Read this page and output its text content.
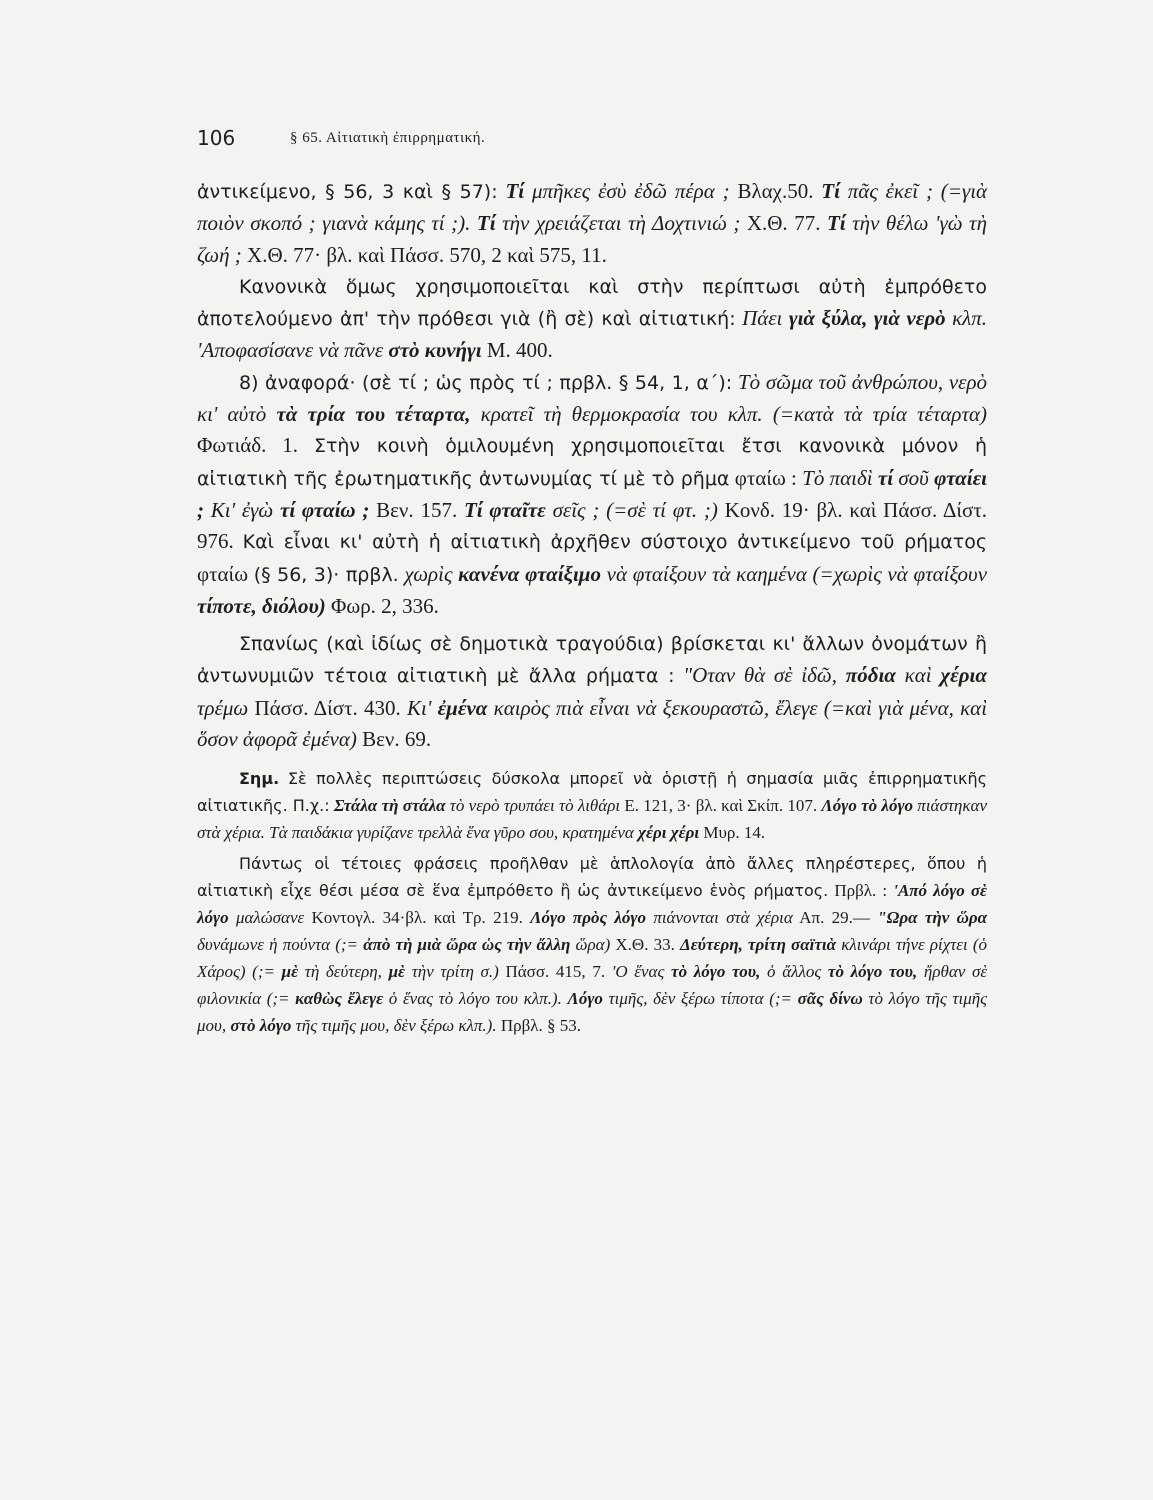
106	§ 65. Αἰτιατικὴ ἐπιρρηματική.

ἀντικείμενο, § 56, 3 καὶ § 57): Τί μπῆκες ἐσὺ ἐδῶ πέρα ; Βλαχ.50. Τί πᾶς ἐκεῖ ; (=γιὰ ποιὸν σκοπό ; γιανὰ κάμης τί ;). Τί τὴν χρειάζεται τὴ Δοχτινιώ ; Χ.Θ. 77. Τί τὴν θέλω 'γὼ τὴ ζωή ; Χ.Θ. 77· βλ. καὶ Πάσσ. 570, 2 καὶ 575, 11.

Κανονικὰ ὅμως χρησιμοποιεῖται καὶ στὴν περίπτωσι αὐτὴ ἐμπρόθετο ἀποτελούμενο ἀπ' τὴν πρόθεσι γιὰ (ἢ σὲ) καὶ αἰτιατική: Πάει γιὰ ξύλα, γιὰ νερὸ κλπ. 'Αποφασίσανε νὰ πᾶνε στὸ κυνήγι Μ. 400.

8) ἀναφορά· (σὲ τί ; ὡς πρὸς τί ; πρβλ. § 54, 1, α΄): Τὸ σῶμα τοῦ ἀνθρώπου, νερὸ κι' αὐτὸ τὰ τρία του τέταρτα, κρατεῖ τὴ θερμοκρασία του κλπ. (=κατὰ τὰ τρία τέταρτα) Φωτιάδ. 1. Στὴν κοινὴ ὁμιλουμένη χρησιμοποιεῖται ἔτσι κανονικὰ μόνον ἡ αἰτιατικὴ τῆς ἐρωτηματικῆς ἀντωνυμίας τί μὲ τὸ ρῆμα φταίω : Τὸ παιδὶ τί σοῦ φταίει ; Κι' ἐγὼ τί φταίω ; Βεν. 157. Τί φταῖτε σεῖς ; (=σὲ τί φτ. ;) Κονδ. 19· βλ. καὶ Πάσσ. Δίστ. 976. Καὶ εἶναι κι' αὐτὴ ἡ αἰτιατικὴ ἀρχῆθεν σύστοιχο ἀντικείμενο τοῦ ρήματος φταίω (§ 56, 3)· πρβλ. χωρὶς κανένα φταίξιμο νὰ φταίξουν τὰ καημένα (=χωρὶς νὰ φταίξουν τίποτε, διόλου) Φωρ. 2, 336.

Σπανίως (καὶ ἰδίως σὲ δημοτικὰ τραγούδια) βρίσκεται κι' ἄλλων ὀνομάτων ἢ ἀντωνυμιῶν τέτοια αἰτιατικὴ μὲ ἄλλα ρήματα : "Οταν θὰ σὲ ἰδῶ, πόδια καὶ χέρια τρέμω Πάσσ. Δίστ. 430. Κι' ἐμένα καιρὸς πιὰ εἶναι νὰ ξεκουραστῶ, ἔλεγε (=καὶ γιὰ μένα, καὶ ὅσον ἀφορᾶ ἐμένα) Βεν. 69.

Σημ. Σὲ πολλὲς περιπτώσεις δύσκολα μπορεῖ νὰ ὁριστῇ ἡ σημασία μιᾶς ἐπιρρηματικῆς αἰτιατικῆς. Π.χ.: Στάλα τὴ στάλα τὸ νερὸ τρυπάει τὸ λιθάρι Ε. 121, 3· βλ. καὶ Σκίπ. 107. Λόγο τὸ λόγο πιάστηκαν στὰ χέρια. Τὰ παιδάκια γυρίζανε τρελλὰ ἕνα γῦρο σου, κρατημένα χέρι χέρι Μυρ. 14.

Πάντως οἱ τέτοιες φράσεις προῆλθαν μὲ ἁπλολογία ἀπὸ ἄλλες πληρέστερες, ὅπου ἡ αἰτιατικὴ εἶχε θέσι μέσα σὲ ἕνα ἐμπρόθετο ἢ ὡς ἀντικείμενο ἑνὸς ρήματος. Πρβλ. : 'Από λόγο σὲ λόγο μαλώσανε Κοντογλ. 34·βλ. καὶ Τρ. 219. Λόγο πρὸς λόγο πιάνονται στὰ χέρια Απ. 29.— "Ωρα τὴν ὥρα δυνάμωνε ἡ πούντα (;= ἀπὸ τὴ μιὰ ὥρα ὡς τὴν ἄλλη ὥρα) Χ.Θ. 33. Δεύτερη, τρίτη σαϊτιὰ κλινάρι τήνε ρίχτει (ὁ Χάρος) (;= μὲ τὴ δεύτερη, μὲ τὴν τρίτη σ.) Πάσσ. 415, 7. 'Ο ἕνας τὸ λόγο του, ὁ ἄλλος τὸ λόγο του, ἤρθαν σὲ φιλονικία (;= καθὼς ἔλεγε ὁ ἕνας τὸ λόγο του κλπ.). Λόγο τιμῆς, δὲν ξέρω τίποτα (;= σᾶς δίνω τὸ λόγο τῆς τιμῆς μου, στὸ λόγο τῆς τιμῆς μου, δὲν ξέρω κλπ.). Πρβλ. § 53.
